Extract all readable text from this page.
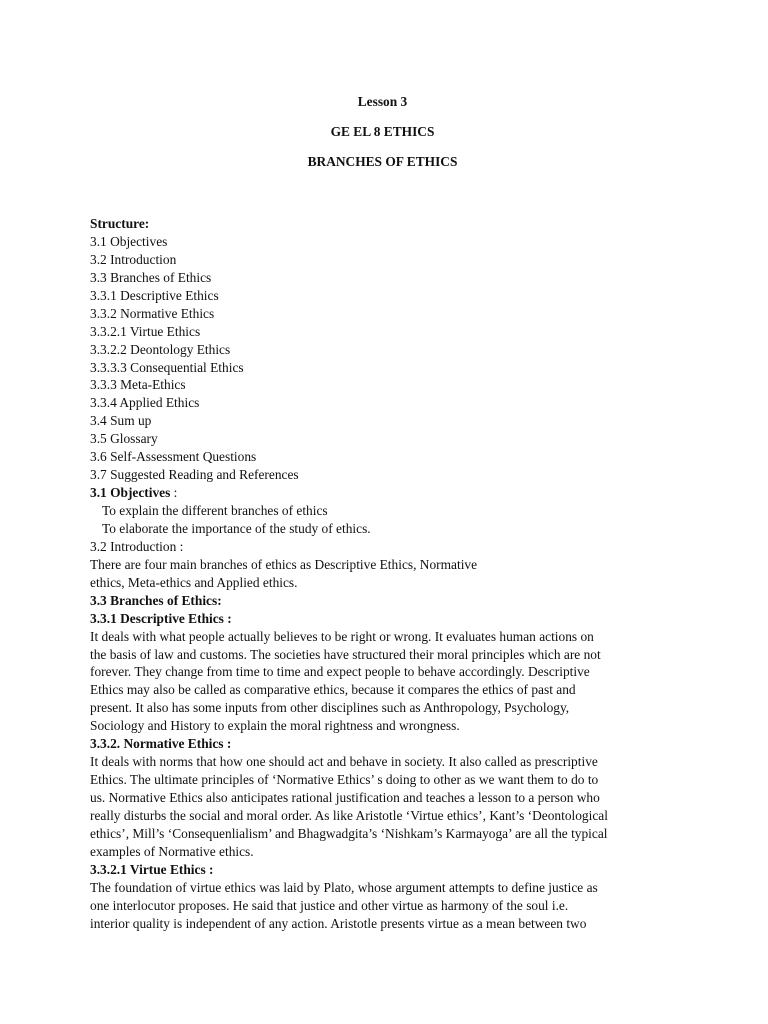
Lesson 3
GE EL 8 ETHICS
BRANCHES OF ETHICS
Structure:
3.1 Objectives
3.2 Introduction
3.3 Branches of Ethics
3.3.1 Descriptive Ethics
3.3.2 Normative Ethics
3.3.2.1 Virtue Ethics
3.3.2.2 Deontology Ethics
3.3.3.3 Consequential Ethics
3.3.3 Meta-Ethics
3.3.4 Applied Ethics
3.4 Sum up
3.5 Glossary
3.6 Self-Assessment Questions
3.7 Suggested Reading and References
3.1 Objectives :
To explain the different branches of ethics
To elaborate the importance of the study of ethics.
3.2 Introduction :
There are four main branches of ethics as Descriptive Ethics, Normative
ethics, Meta-ethics and Applied ethics.
3.3 Branches of Ethics:
3.3.1 Descriptive Ethics :
It deals with what people actually believes to be right or wrong. It evaluates human actions on
the basis of law and customs. The societies have structured their moral principles which are not
forever. They change from time to time and expect people to behave accordingly. Descriptive
Ethics may also be called as comparative ethics, because it compares the ethics of past and
present. It also has some inputs from other disciplines such as Anthropology, Psychology,
Sociology and History to explain the moral rightness and wrongness.
3.3.2. Normative Ethics :
It deals with norms that how one should act and behave in society. It also called as prescriptive
Ethics. The ultimate principles of ‘Normative Ethics’ s doing to other as we want them to do to
us. Normative Ethics also anticipates rational justification and teaches a lesson to a person who
really disturbs the social and moral order. As like Aristotle ‘Virtue ethics’, Kant’s ‘Deontological
ethics’, Mill’s ‘Consequenlialism’ and Bhagwadgita’s ‘Nishkam’s Karmayoga’ are all the typical
examples of Normative ethics.
3.3.2.1 Virtue Ethics :
The foundation of virtue ethics was laid by Plato, whose argument attempts to define justice as
one interlocutor proposes. He said that justice and other virtue as harmony of the soul i.e.
interior quality is independent of any action. Aristotle presents virtue as a mean between two
